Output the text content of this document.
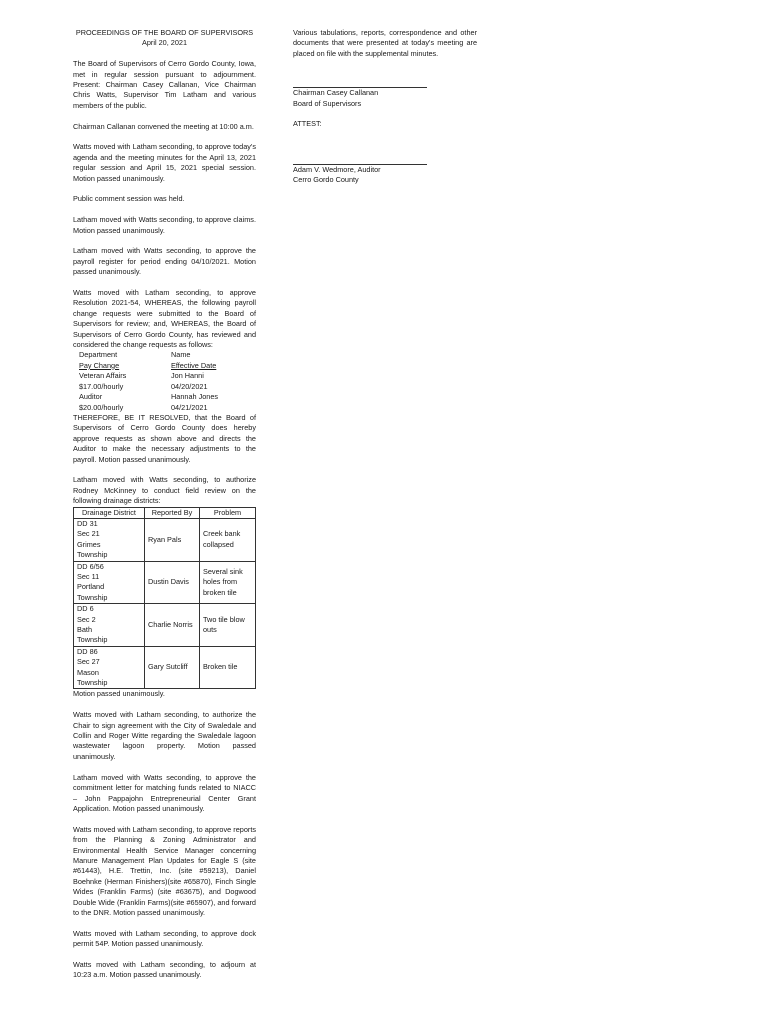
PROCEEDINGS OF THE BOARD OF SUPERVISORS

April 20, 2021

The Board of Supervisors of Cerro Gordo County, Iowa, met in regular session pursuant to adjournment. Present: Chairman Casey Callanan, Vice Chairman Chris Watts, Supervisor Tim Latham and various members of the public.

Chairman Callanan convened the meeting at 10:00 a.m.

Watts moved with Latham seconding, to approve today's agenda and the meeting minutes for the April 13, 2021 regular session and April 15, 2021 special session. Motion passed unanimously.

Public comment session was held.

Latham moved with Watts seconding, to approve claims. Motion passed unanimously.

Latham moved with Watts seconding, to approve the payroll register for period ending 04/10/2021. Motion passed unanimously.

Watts moved with Latham seconding, to approve Resolution 2021-54, WHEREAS, the following payroll change requests were submitted to the Board of Supervisors for review; and, WHEREAS, the Board of Supervisors of Cerro Gordo County, has reviewed and considered the change requests as follows:

Department	Name
Pay Change	Effective Date
Veteran Affairs	Jon Hanni
$17.00/hourly	04/20/2021
Auditor	Hannah Jones
$20.00/hourly	04/21/2021

THEREFORE, BE IT RESOLVED, that the Board of Supervisors of Cerro Gordo County does hereby approve requests as shown above and directs the Auditor to make the necessary adjustments to the payroll. Motion passed unanimously.

Latham moved with Watts seconding, to authorize Rodney McKinney to conduct field review on the following drainage districts:

Drainage District	Reported By	Problem
DD 31
Sec 21
Grimes
Township	Ryan Pals	Creek bank collapsed
DD 6/56
Sec 11
Portland
Township	Dustin Davis	Several sink holes from broken tile
DD 6
Sec 2
Bath
Township	Charlie Norris	Two tile blow outs
DD 86
Sec 27
Mason
Township	Gary Sutcliff	Broken tile

Motion passed unanimously.

Watts moved with Latham seconding, to authorize the Chair to sign agreement with the City of Swaledale and Collin and Roger Witte regarding the Swaledale lagoon wastewater lagoon property. Motion passed unanimously.

Latham moved with Watts seconding, to approve the commitment letter for matching funds related to NIACC – John Pappajohn Entrepreneurial Center Grant Application. Motion passed unanimously.

Watts moved with Latham seconding, to approve reports from the Planning & Zoning Administrator and Environmental Health Service Manager concerning Manure Management Plan Updates for Eagle S (site #61443), H.E. Trettin, Inc. (site #59213), Daniel Boehnke (Herman Finishers)(site #65870), Finch Single Wides (Franklin Farms) (site #63675), and Dogwood Double Wide (Franklin Farms)(site #65907), and forward to the DNR. Motion passed unanimously.

Watts moved with Latham seconding, to approve dock permit 54P. Motion passed unanimously.

Watts moved with Latham seconding, to adjourn at 10:23 a.m. Motion passed unanimously.

Various tabulations, reports, correspondence and other documents that were presented at today's meeting are placed on file with the supplemental minutes.

Chairman Casey Callanan

Board of Supervisors

ATTEST:

Adam V. Wedmore, Auditor

Cerro Gordo County
